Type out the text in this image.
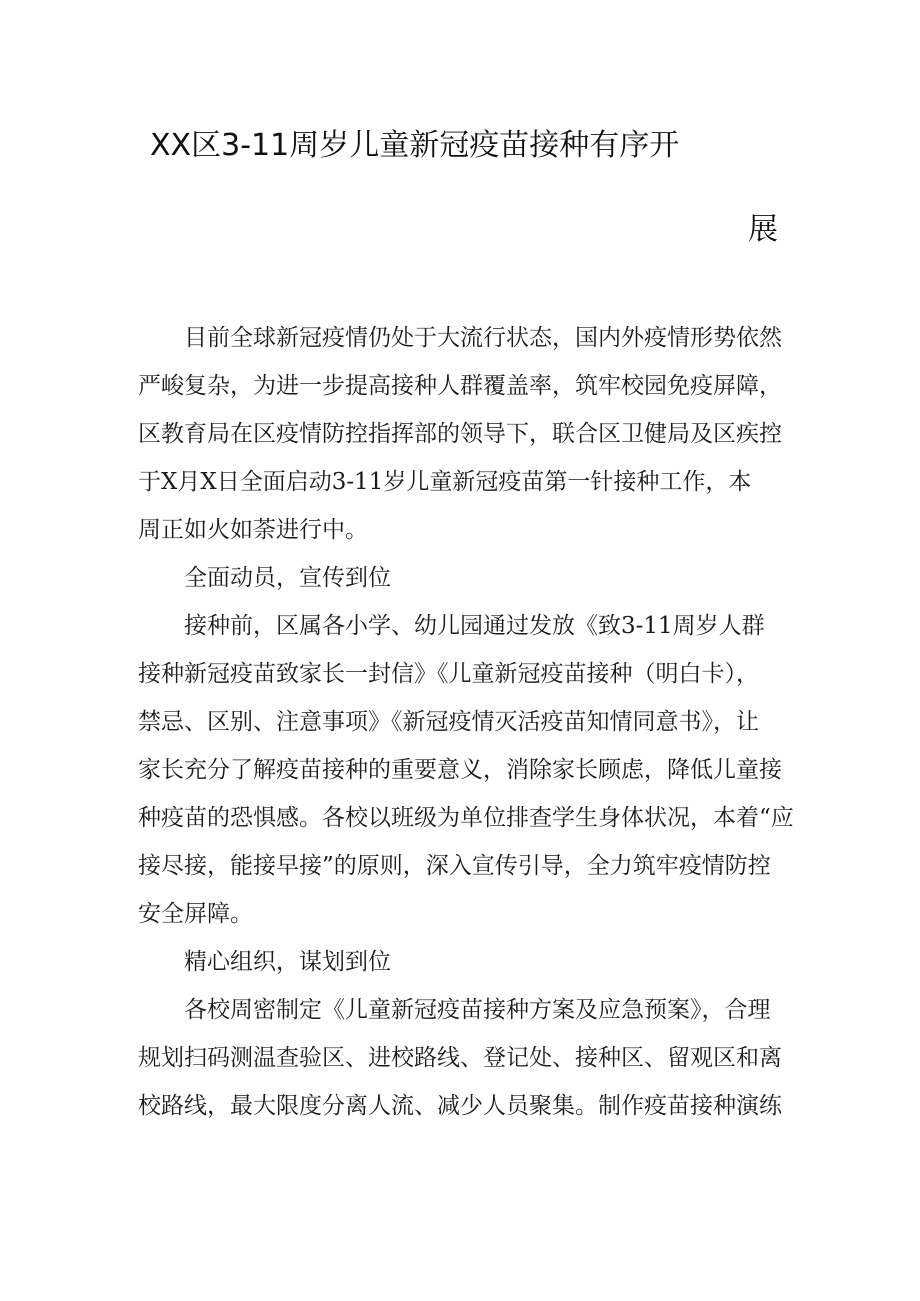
XX区3-11周岁儿童新冠疫苗接种有序开
展
目前全球新冠疫情仍处于大流行状态，国内外疫情形势依然
严峻复杂，为进一步提高接种人群覆盖率，筑牢校园免疫屏障，
区教育局在区疫情防控指挥部的领导下，联合区卫健局及区疾控
于X月X日全面启动3-11岁儿童新冠疫苗第一针接种工作，本
周正如火如荼进行中。
全面动员，宣传到位
接种前，区属各小学、幼儿园通过发放《致3-11周岁人群
接种新冠疫苗致家长一封信》《儿童新冠疫苗接种（明白卡），
禁忌、区别、注意事项》《新冠疫情灭活疫苗知情同意书》，让
家长充分了解疫苗接种的重要意义，消除家长顾虑，降低儿童接
种疫苗的恐惧感。各校以班级为单位排查学生身体状况，本着“应
接尽接，能接早接”的原则，深入宣传引导，全力筑牢疫情防控
安全屏障。
精心组织，谋划到位
各校周密制定《儿童新冠疫苗接种方案及应急预案》，合理
规划扫码测温查验区、进校路线、登记处、接种区、留观区和离
校路线，最大限度分离人流、减少人员聚集。制作疫苗接种演练
